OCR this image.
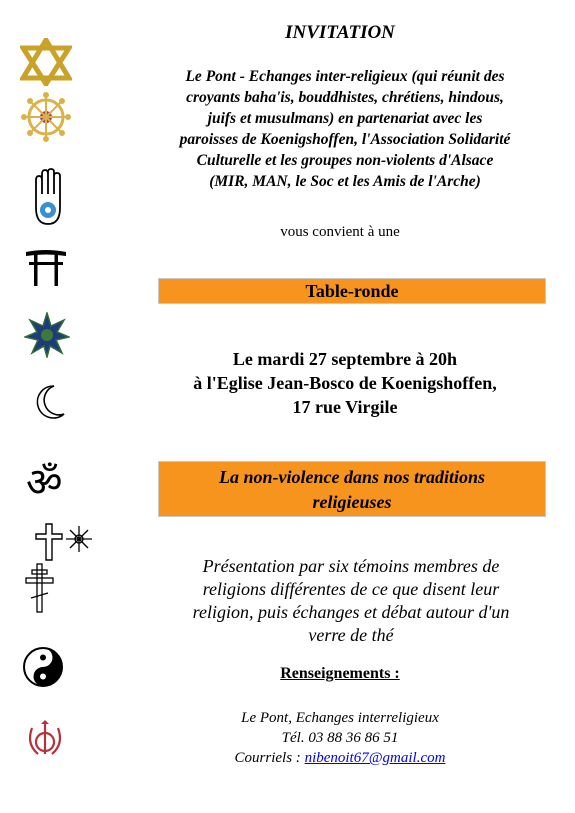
ॐ
INVITATION
Le Pont - Echanges inter-religieux (qui réunit des
croyants baha'is, bouddhistes, chrétiens, hindous,
juifs et musulmans) en partenariat avec les
paroisses de Koenigshoffen, l'Association Solidarité
Culturelle et les groupes non-violents d'Alsace
(MIR, MAN, le Soc et les Amis de l'Arche)
vous convient à une
Table-ronde
Le mardi 27 septembre à 20h
à l'Eglise Jean-Bosco de Koenigshoffen,
17 rue Virgile
La non-violence dans nos traditions
religieuses
Présentation par six témoins membres de
religions différentes de ce que disent leur
religion, puis échanges et débat autour d'un
verre de thé
Renseignements :
Le Pont, Echanges interreligieux
Tél. 03 88 36 86 51
Courriels : nibenoit67@gmail.com
